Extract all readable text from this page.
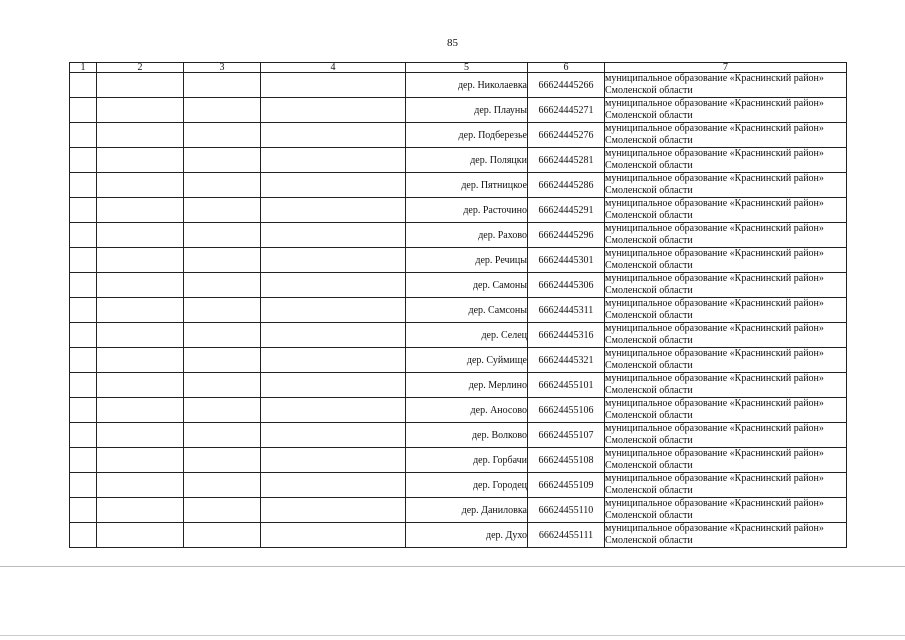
85
1	2	3	4	5	6	7
				дер. Николаевка	66624445266	муниципальное образование «Краснинский район»
Смоленской области

				дер. Плауны	66624445271	муниципальное образование «Краснинский район»
Смоленской области

				дер. Подберезье	66624445276	муниципальное образование «Краснинский район»
Смоленской области

				дер. Поляцки	66624445281	муниципальное образование «Краснинский район»
Смоленской области

				дер. Пятницкое	66624445286	муниципальное образование «Краснинский район»
Смоленской области

				дер. Расточино	66624445291	муниципальное образование «Краснинский район»
Смоленской области

				дер. Рахово	66624445296	муниципальное образование «Краснинский район»
Смоленской области

				дер. Речицы	66624445301	муниципальное образование «Краснинский район»
Смоленской области

				дер. Самоны	66624445306	муниципальное образование «Краснинский район»
Смоленской области

				дер. Самсоны	66624445311	муниципальное образование «Краснинский район»
Смоленской области

				дер. Селец	66624445316	муниципальное образование «Краснинский район»
Смоленской области

				дер. Суймище	66624445321	муниципальное образование «Краснинский район»
Смоленской области

				дер. Мерлино	66624455101	муниципальное образование «Краснинский район»
Смоленской области

				дер. Аносово	66624455106	муниципальное образование «Краснинский район»
Смоленской области

				дер. Волково	66624455107	муниципальное образование «Краснинский район»
Смоленской области

				дер. Горбачи	66624455108	муниципальное образование «Краснинский район»
Смоленской области

				дер. Городец	66624455109	муниципальное образование «Краснинский район»
Смоленской области

				дер. Даниловка	66624455110	муниципальное образование «Краснинский район»
Смоленской области

				дер. Духо	66624455111	муниципальное образование «Краснинский район»
Смоленской области
